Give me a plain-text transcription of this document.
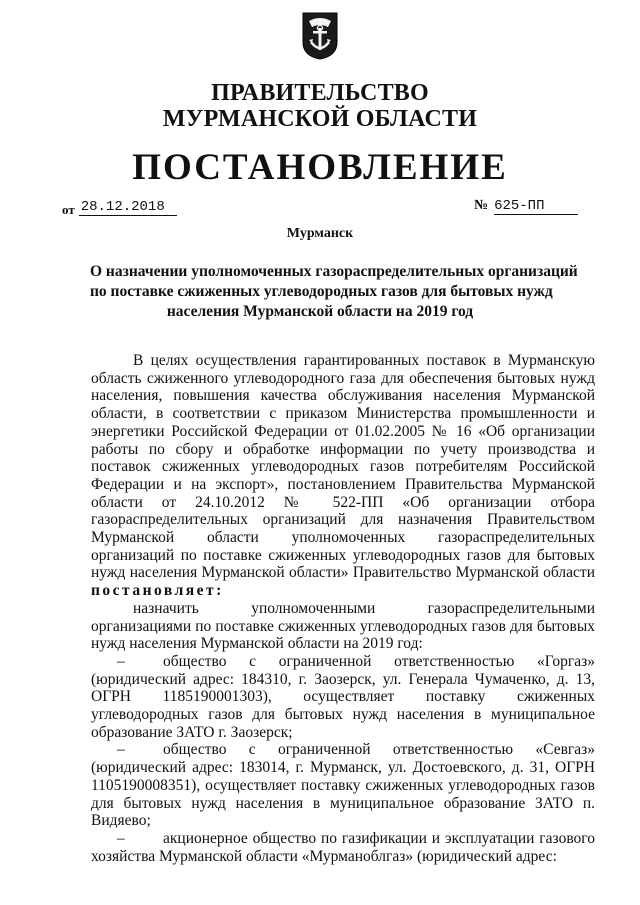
ПРАВИТЕЛЬСТВО
МУРМАНСКОЙ ОБЛАСТИ
ПОСТАНОВЛЕНИЕ
от 28.12.2018	№ 625-ПП
Мурманск
О назначении уполномоченных газораспределительных организаций
по поставке сжиженных углеводородных газов для бытовых нужд
населения Мурманской области на 2019 год

В целях осуществления гарантированных поставок в Мурманскую область сжиженного углеводородного газа для обеспечения бытовых нужд населения, повышения качества обслуживания населения Мурманской области, в соответствии с приказом Министерства промышленности и энергетики Российской Федерации от 01.02.2005 № 16 «Об организации работы по сбору и обработке информации по учету производства и поставок сжиженных углеводородных газов потребителям Российской Федерации и на экспорт», постановлением Правительства Мурманской области от 24.10.2012 № 522-ПП «Об организации отбора газораспределительных организаций для назначения Правительством Мурманской области уполномоченных газораспределительных организаций по поставке сжиженных углеводородных газов для бытовых нужд населения Мурманской области» Правительство Мурманской области постановляет:

назначить уполномоченными газораспределительными организациями по поставке сжиженных углеводородных газов для бытовых нужд населения Мурманской области на 2019 год:

– общество с ограниченной ответственностью «Горгаз» (юридический адрес: 184310, г. Заозерск, ул. Генерала Чумаченко, д. 13, ОГРН 1185190001303), осуществляет поставку сжиженных углеводородных газов для бытовых нужд населения в муниципальное образование ЗАТО г. Заозерск;

– общество с ограниченной ответственностью «Севгаз» (юридический адрес: 183014, г. Мурманск, ул. Достоевского, д. 31, ОГРН 1105190008351), осуществляет поставку сжиженных углеводородных газов для бытовых нужд населения в муниципальное образование ЗАТО п. Видяево;

– акционерное общество по газификации и эксплуатации газового хозяйства Мурманской области «Мурманоблгаз» (юридический адрес:
